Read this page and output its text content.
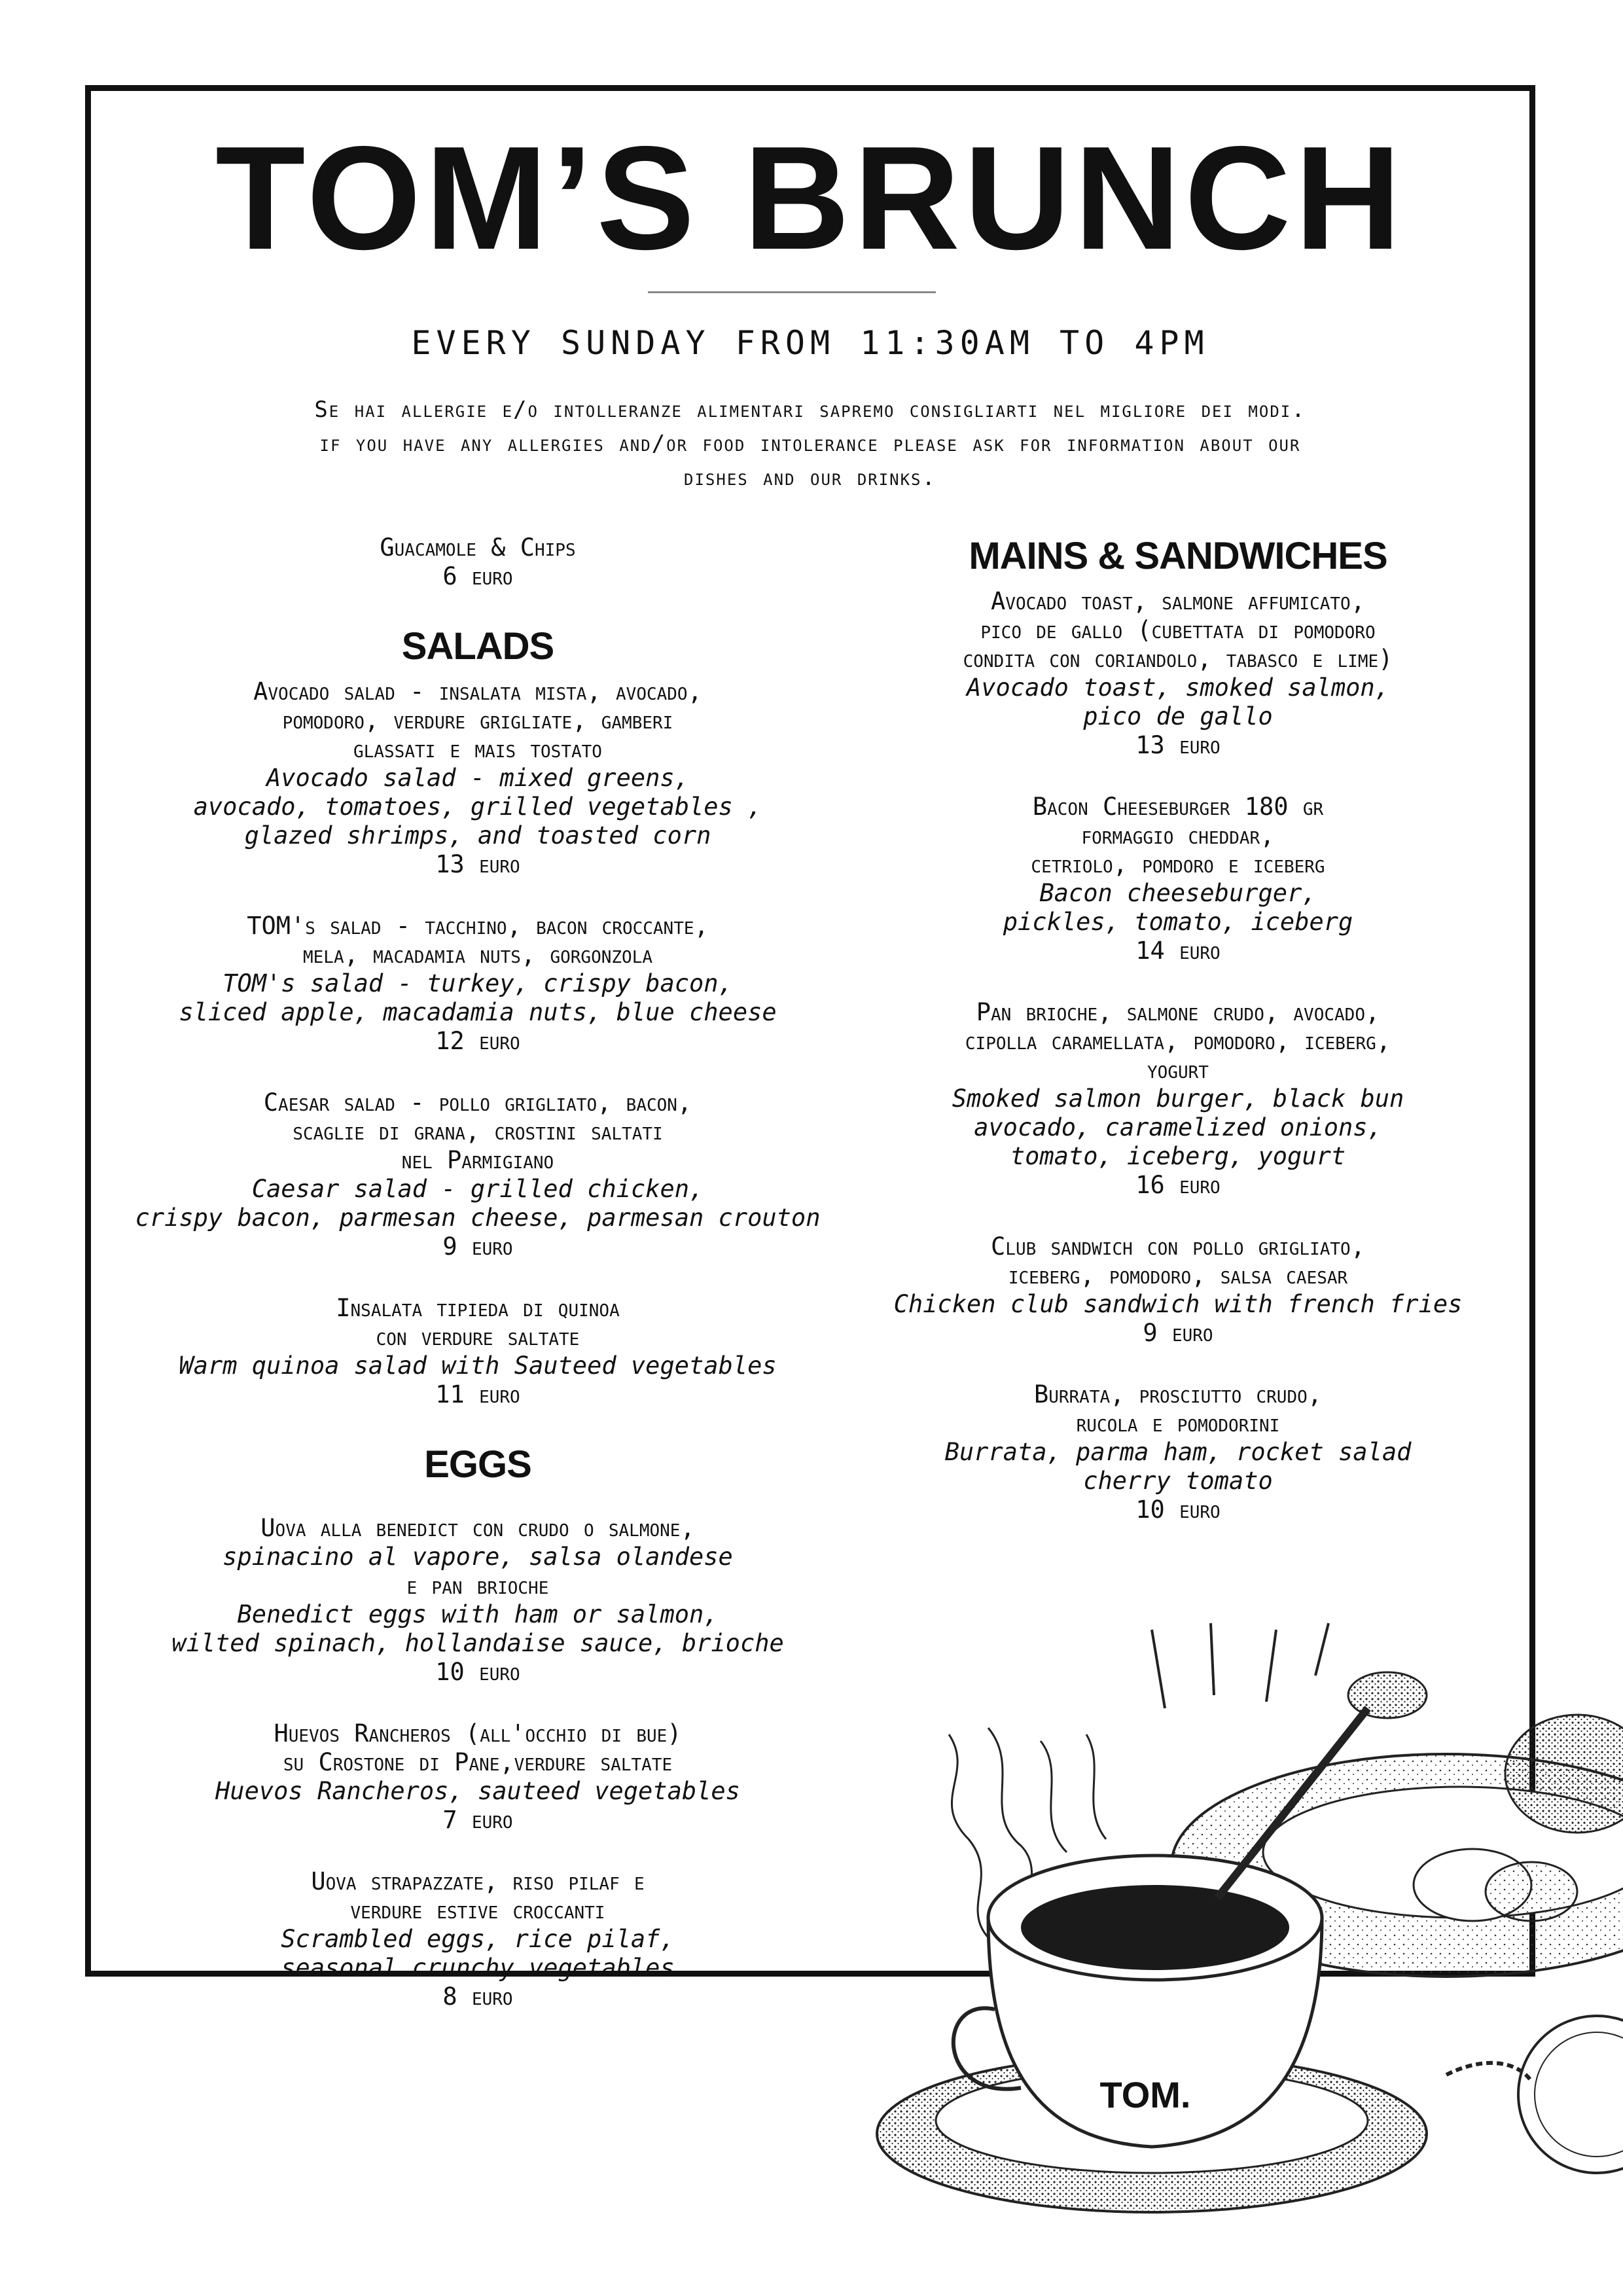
TOM’S BRUNCH
EVERY SUNDAY FROM 11:30AM TO 4PM
Se hai allergie e/o intolleranze alimentari sapremo consigliarti nel migliore dei modi.
if you have any allergies and/or food intolerance please ask for information about our
dishes and our drinks.
Guacamole & Chips
6 euro
SALADS
Avocado salad - insalata mista, avocado,
pomodoro, verdure grigliate, gamberi
glassati e mais tostato
Avocado salad - mixed greens,
avocado, tomatoes, grilled vegetables ,
glazed shrimps, and toasted corn
13 euro
TOM's salad - tacchino, bacon croccante,
mela, macadamia nuts, gorgonzola
TOM's salad - turkey, crispy bacon,
sliced apple, macadamia nuts, blue cheese
12 euro
Caesar salad - pollo grigliato, bacon,
scaglie di grana, crostini saltati
nel Parmigiano
Caesar salad - grilled chicken,
crispy bacon, parmesan cheese, parmesan crouton
9 euro
Insalata tipieda di quinoa
con verdure saltate
Warm quinoa salad with Sauteed vegetables
11 euro
EGGS
Uova alla benedict con crudo o salmone,
spinacino al vapore, salsa olandese
e pan brioche
Benedict eggs with ham or salmon,
wilted spinach, hollandaise sauce, brioche
10 euro
Huevos Rancheros (all'occhio di bue)
su Crostone di Pane,verdure saltate
Huevos Rancheros, sauteed vegetables
7 euro
Uova strapazzate, riso pilaf e
verdure estive croccanti
Scrambled eggs, rice pilaf,
seasonal crunchy vegetables
8 euro
MAINS & SANDWICHES
Avocado toast, salmone affumicato,
pico de gallo (cubettata di pomodoro
condita con coriandolo, tabasco e lime)
Avocado toast, smoked salmon,
pico de gallo
13 euro
Bacon Cheeseburger 180 gr
formaggio cheddar,
cetriolo, pomdoro e iceberg
Bacon cheeseburger,
pickles, tomato, iceberg
14 euro
Pan brioche, salmone crudo, avocado,
cipolla caramellata, pomodoro, iceberg,
yogurt
Smoked salmon burger, black bun
avocado, caramelized onions,
tomato, iceberg, yogurt
16 euro
Club sandwich con pollo grigliato,
iceberg, pomodoro, salsa caesar
Chicken club sandwich with french fries
9 euro
Burrata, prosciutto crudo,
rucola e pomodorini
Burrata, parma ham, rocket salad
cherry tomato
10 euro
TOM.
